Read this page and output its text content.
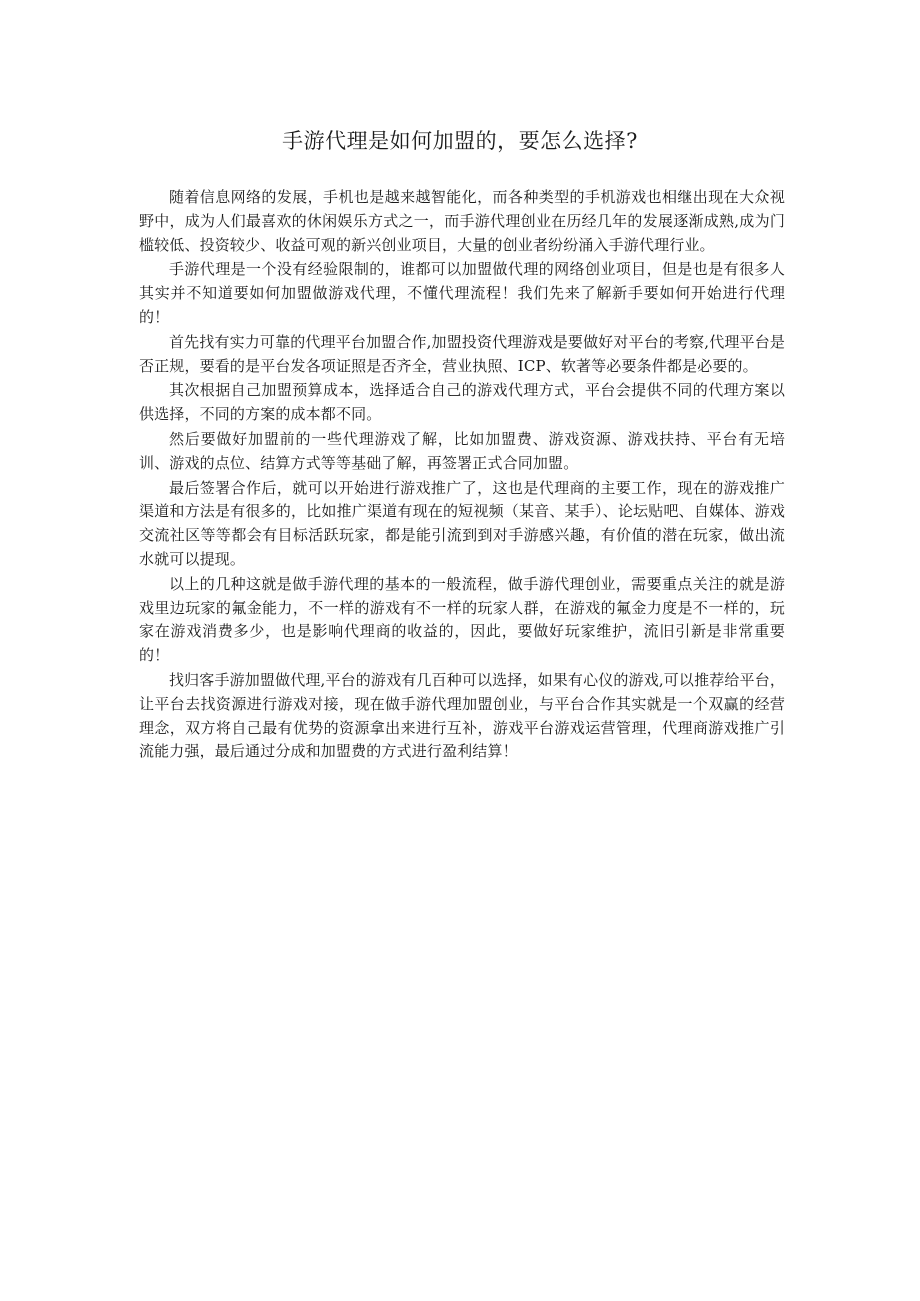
手游代理是如何加盟的，要怎么选择?

随着信息网络的发展，手机也是越来越智能化，而各种类型的手机游戏也相继出现在大众视野中，成为人们最喜欢的休闲娱乐方式之一，而手游代理创业在历经几年的发展逐渐成熟,成为门槛较低、投资较少、收益可观的新兴创业项目，大量的创业者纷纷涌入手游代理行业。

手游代理是一个没有经验限制的，谁都可以加盟做代理的网络创业项目，但是也是有很多人其实并不知道要如何加盟做游戏代理，不懂代理流程！我们先来了解新手要如何开始进行代理的！

首先找有实力可靠的代理平台加盟合作,加盟投资代理游戏是要做好对平台的考察,代理平台是否正规，要看的是平台发各项证照是否齐全，营业执照、ICP、软著等必要条件都是必要的。

其次根据自己加盟预算成本，选择适合自己的游戏代理方式，平台会提供不同的代理方案以供选择，不同的方案的成本都不同。

然后要做好加盟前的一些代理游戏了解，比如加盟费、游戏资源、游戏扶持、平台有无培训、游戏的点位、结算方式等等基础了解，再签署正式合同加盟。

最后签署合作后，就可以开始进行游戏推广了，这也是代理商的主要工作，现在的游戏推广渠道和方法是有很多的，比如推广渠道有现在的短视频（某音、某手）、论坛贴吧、自媒体、游戏交流社区等等都会有目标活跃玩家，都是能引流到到对手游感兴趣，有价值的潜在玩家，做出流水就可以提现。

以上的几种这就是做手游代理的基本的一般流程，做手游代理创业，需要重点关注的就是游戏里边玩家的氟金能力，不一样的游戏有不一样的玩家人群，在游戏的氟金力度是不一样的，玩家在游戏消费多少，也是影响代理商的收益的，因此，要做好玩家维护，流旧引新是非常重要的！

找归客手游加盟做代理,平台的游戏有几百种可以选择，如果有心仪的游戏,可以推荐给平台，让平台去找资源进行游戏对接，现在做手游代理加盟创业，与平台合作其实就是一个双赢的经营理念，双方将自己最有优势的资源拿出来进行互补，游戏平台游戏运营管理，代理商游戏推广引流能力强，最后通过分成和加盟费的方式进行盈利结算！
